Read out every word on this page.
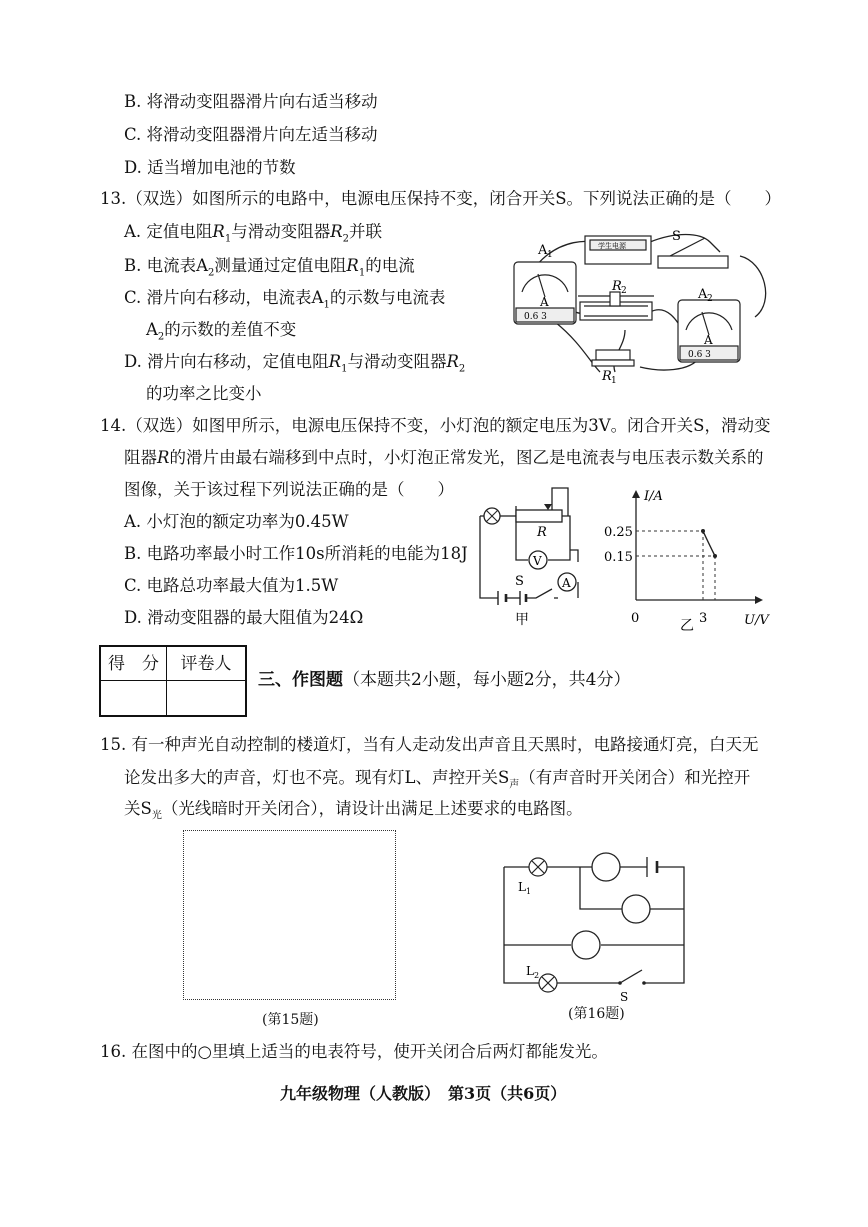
B. 将滑动变阻器滑片向右适当移动
C. 将滑动变阻器滑片向左适当移动
D. 适当增加电池的节数
13.（双选）如图所示的电路中，电源电压保持不变，闭合开关S。下列说法正确的是（　　）
A. 定值电阻$R_1$与滑动变阻器$R_2$并联
B. 电流表$A_2$测量通过定值电阻$R_1$的电流
C. 滑片向右移动，电流表$A_1$的示数与电流表
$A_2$的示数的差值不变
D. 滑片向右移动，定值电阻$R_1$与滑动变阻器$R_2$
的功率之比变小
A 1
A
0.6 3
学生电源
S
R 2	A 2
A
0.6 3
R 1
14.（双选）如图甲所示，电源电压保持不变，小灯泡的额定电压为3V。闭合开关S，滑动变
阻器R的滑片由最右端移到中点时，小灯泡正常发光，图乙是电流表与电压表示数关系的
图像，关于该过程下列说法正确的是（　　）
A. 小灯泡的额定功率为0.45W
B. 电路功率最小时工作10s所消耗的电能为18J
C. 电路总功率最大值为1.5W
D. 滑动变阻器的最大阻值为24Ω
R
V
A
S
甲
I/A
U/V
0.25
0.15
0	3
乙
得　分	评卷人
三、作图题（本题共2小题，每小题2分，共4分）
15. 有一种声光自动控制的楼道灯，当有人走动发出声音且天黑时，电路接通灯亮，白天无
论发出多大的声音，灯也不亮。现有灯L、声控开关$S_声$（有声音时开关闭合）和光控开
关$S_光$（光线暗时开关闭合），请设计出满足上述要求的电路图。
(第15题)
L 1
L 2
S
(第16题)
16. 在图中的○里填上适当的电表符号，使开关闭合后两灯都能发光。
九年级物理（人教版）　第3页（共6页）
